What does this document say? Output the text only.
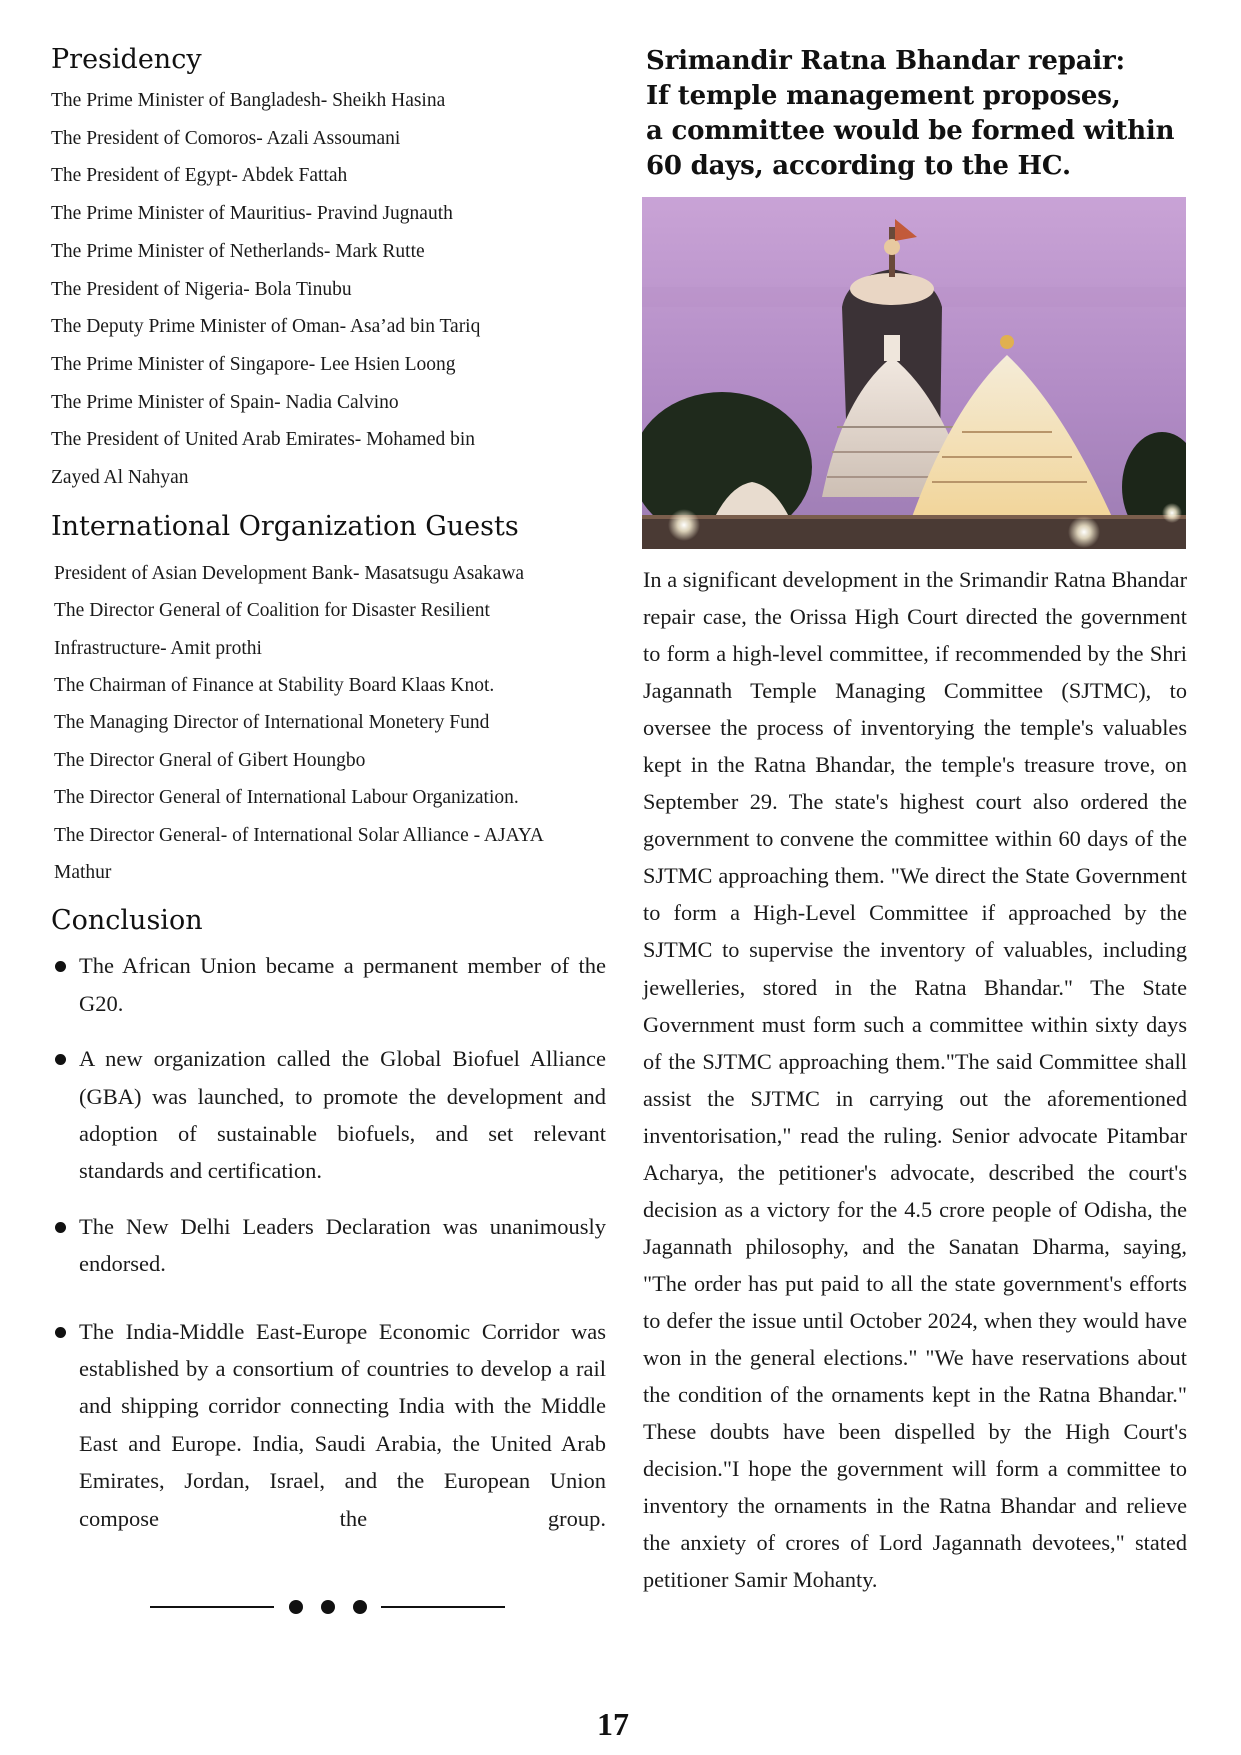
Presidency
The Prime Minister of Bangladesh- Sheikh Hasina
The President of Comoros- Azali Assoumani
The President of Egypt- Abdek Fattah
The Prime Minister of Mauritius- Pravind Jugnauth
The Prime Minister of Netherlands- Mark Rutte
The President of Nigeria- Bola Tinubu
The Deputy Prime Minister of Oman- Asa’ad bin Tariq
The Prime Minister of Singapore- Lee Hsien Loong
The Prime Minister of Spain- Nadia Calvino
The President of United Arab Emirates- Mohamed bin
Zayed Al Nahyan
International Organization Guests
President of Asian Development Bank- Masatsugu Asakawa
The Director General of Coalition for Disaster Resilient
Infrastructure- Amit prothi
The Chairman of Finance at Stability Board Klaas Knot.
The Managing Director of International Monetery Fund
The Director Gneral of Gibert Houngbo
The Director General of International Labour Organization.
The Director General- of International Solar Alliance - AJAYA
Mathur
Conclusion
The African Union became a permanent member of the G20.
A new organization called the Global Biofuel Alliance (GBA) was launched, to promote the development and adoption of sustainable biofuels, and set relevant standards and certification.
The New Delhi Leaders Declaration was unanimously endorsed.
The India-Middle East-Europe Economic Corridor was established by a consortium of countries to develop a rail and shipping corridor connecting India with the Middle East and Europe. India, Saudi Arabia, the United Arab Emirates, Jordan, Israel, and the European Union compose the group.
Srimandir Ratna Bhandar repair:
If temple management proposes,
a committee would be formed within
60 days, according to the HC.

In a significant development in the Srimandir Ratna Bhandar repair case, the Orissa High Court directed the government to form a high-level committee, if recommended by the Shri Jagannath Temple Managing Committee (SJTMC), to oversee the process of inventorying the temple's valuables kept in the Ratna Bhandar, the temple's treasure trove, on September 29. The state's highest court also ordered the government to convene the committee within 60 days of the SJTMC approaching them. "We direct the State Government to form a High-Level Committee if approached by the SJTMC to supervise the inventory of valuables, including jewelleries, stored in the Ratna Bhandar." The State Government must form such a committee within sixty days of the SJTMC approaching them."The said Committee shall assist the SJTMC in carrying out the aforementioned inventorisation," read the ruling. Senior advocate Pitambar Acharya, the petitioner's advocate, described the court's decision as a victory for the 4.5 crore people of Odisha, the Jagannath philosophy, and the Sanatan Dharma, saying, "The order has put paid to all the state government's efforts to defer the issue until October 2024, when they would have won in the general elections." "We have reservations about the condition of the ornaments kept in the Ratna Bhandar." These doubts have been dispelled by the High Court's decision."I hope the government will form a committee to inventory the ornaments in the Ratna Bhandar and relieve the anxiety of crores of Lord Jagannath devotees," stated petitioner Samir Mohanty.

17
